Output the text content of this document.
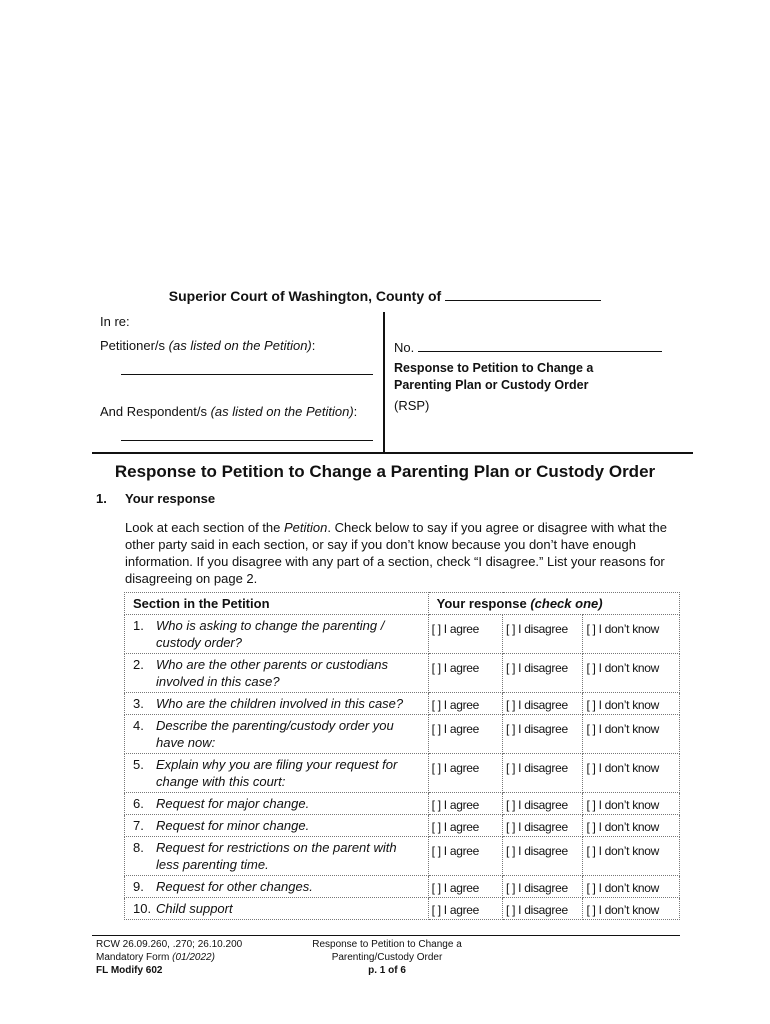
Superior Court of Washington, County of
In re:
Petitioner/s (as listed on the Petition):
And Respondent/s (as listed on the Petition):
No.
Response to Petition to Change a Parenting Plan or Custody Order
(RSP)
Response to Petition to Change a Parenting Plan or Custody Order
1. Your response
Look at each section of the Petition. Check below to say if you agree or disagree with what the other party said in each section, or say if you don’t know because you don’t have enough information. If you disagree with any part of a section, check “I disagree.” List your reasons for disagreeing on page 2.
Section in the Petition	Your response (check one)		
1. Who is asking to change the parenting / custody order?	[ ] I agree	[ ] I disagree	[ ] I don’t know
2. Who are the other parents or custodians involved in this case?	[ ] I agree	[ ] I disagree	[ ] I don’t know
3. Who are the children involved in this case?	[ ] I agree	[ ] I disagree	[ ] I don’t know
4. Describe the parenting/custody order you have now:	[ ] I agree	[ ] I disagree	[ ] I don’t know
5. Explain why you are filing your request for change with this court:	[ ] I agree	[ ] I disagree	[ ] I don’t know
6. Request for major change.	[ ] I agree	[ ] I disagree	[ ] I don’t know
7. Request for minor change.	[ ] I agree	[ ] I disagree	[ ] I don’t know
8. Request for restrictions on the parent with less parenting time.	[ ] I agree	[ ] I disagree	[ ] I don’t know
9. Request for other changes.	[ ] I agree	[ ] I disagree	[ ] I don’t know
10. Child support	[ ] I agree	[ ] I disagree	[ ] I don’t know
RCW 26.09.260, .270; 26.10.200
Mandatory Form (01/2022)
FL Modify 602
Response to Petition to Change a
Parenting/Custody Order
p. 1 of 6
